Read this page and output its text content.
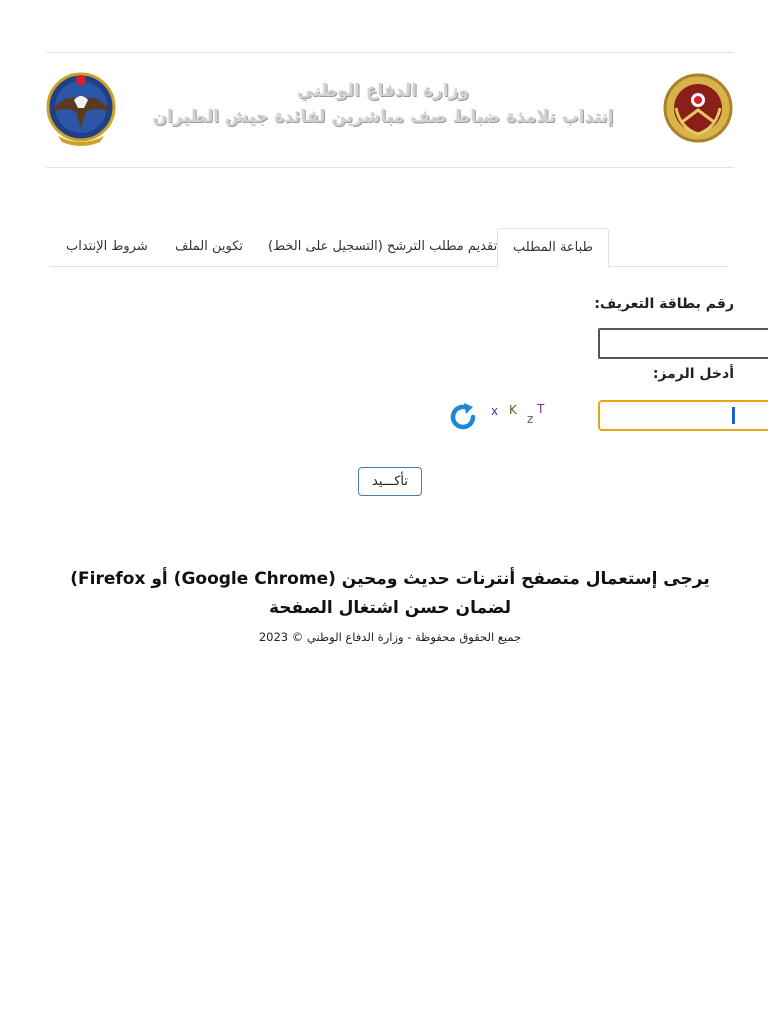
وزارة الدفاع الوطني
إنتداب تلامذة ضباط صف مباشرين لفائدة جيش الطيران
طباعة المطلب
تقديم مطلب الترشح (التسجيل على الخط)
تكوين الملف
شروط الإنتداب
رقم بطاقة التعريف:
أدخل الرمز:
x K
z
T
تأكـــيد
يرجى إستعمال متصفح أنترنات حديث ومحين (Google Chrome) أو Firefox) لضمان حسن اشتغال الصفحة
جميع الحقوق محفوظة - وزارة الدفاع الوطني © 2023
